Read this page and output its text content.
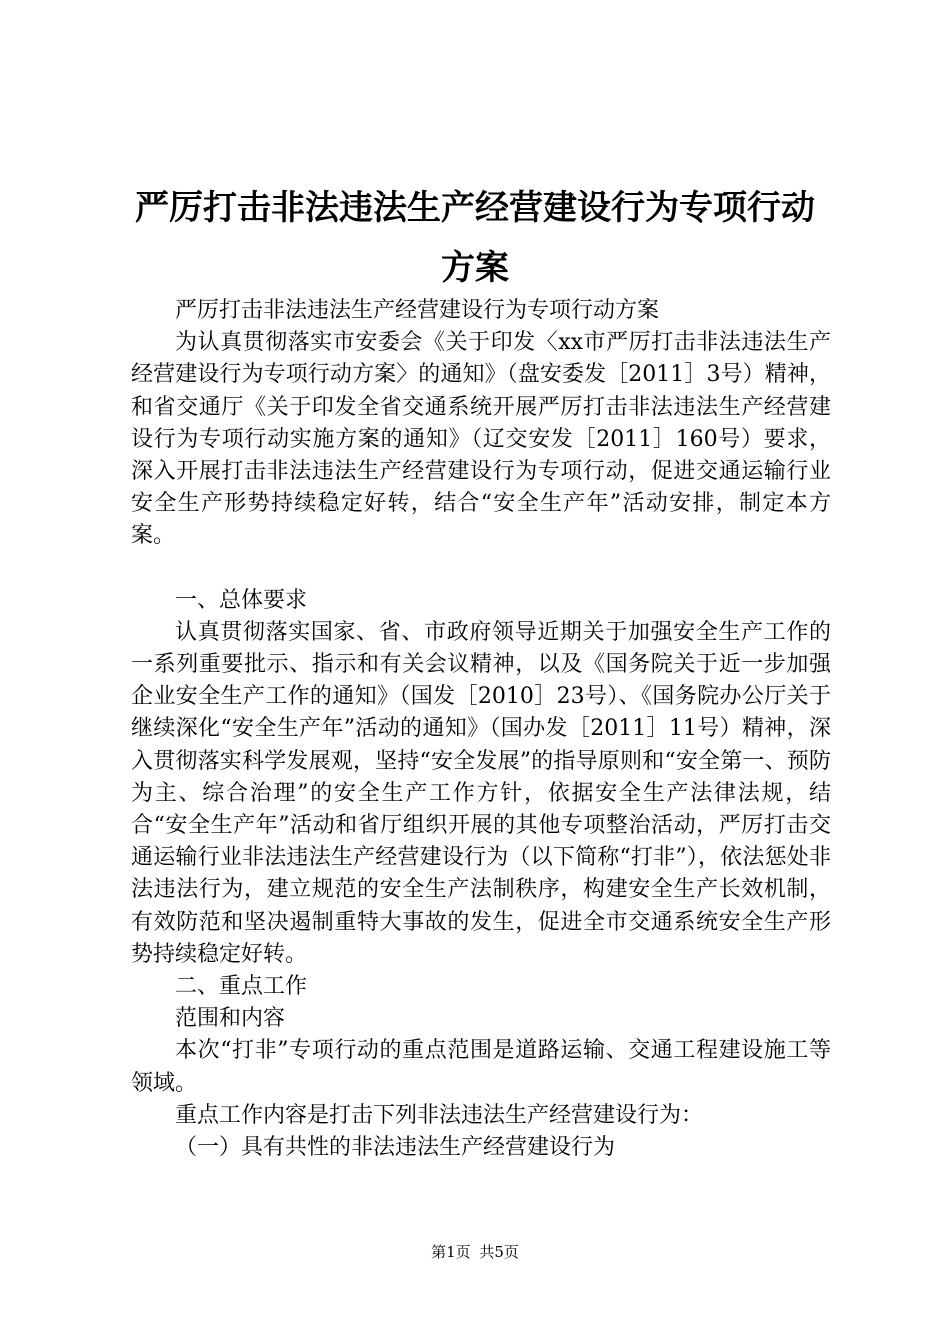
严厉打击非法违法生产经营建设行为专项行动
方案

严厉打击非法违法生产经营建设行为专项行动方案

为认真贯彻落实市安委会《关于印发〈xx市严厉打击非法违法生产经营建设行为专项行动方案〉的通知》（盘安委发［2011］3号）精神，和省交通厅《关于印发全省交通系统开展严厉打击非法违法生产经营建设行为专项行动实施方案的通知》（辽交安发［2011］160号）要求，深入开展打击非法违法生产经营建设行为专项行动，促进交通运输行业安全生产形势持续稳定好转，结合“安全生产年”活动安排，制定本方案。

一、总体要求

认真贯彻落实国家、省、市政府领导近期关于加强安全生产工作的一系列重要批示、指示和有关会议精神，以及《国务院关于近一步加强企业安全生产工作的通知》（国发［2010］23号）、《国务院办公厅关于继续深化“安全生产年”活动的通知》（国办发［2011］11号）精神，深入贯彻落实科学发展观，坚持“安全发展”的指导原则和“安全第一、预防为主、综合治理”的安全生产工作方针，依据安全生产法律法规，结合“安全生产年”活动和省厅组织开展的其他专项整治活动，严厉打击交通运输行业非法违法生产经营建设行为（以下简称“打非”），依法惩处非法违法行为，建立规范的安全生产法制秩序，构建安全生产长效机制，有效防范和坚决遏制重特大事故的发生，促进全市交通系统安全生产形势持续稳定好转。

二、重点工作

范围和内容

本次“打非”专项行动的重点范围是道路运输、交通工程建设施工等领域。

重点工作内容是打击下列非法违法生产经营建设行为：

（一）具有共性的非法违法生产经营建设行为

第1页 共5页
